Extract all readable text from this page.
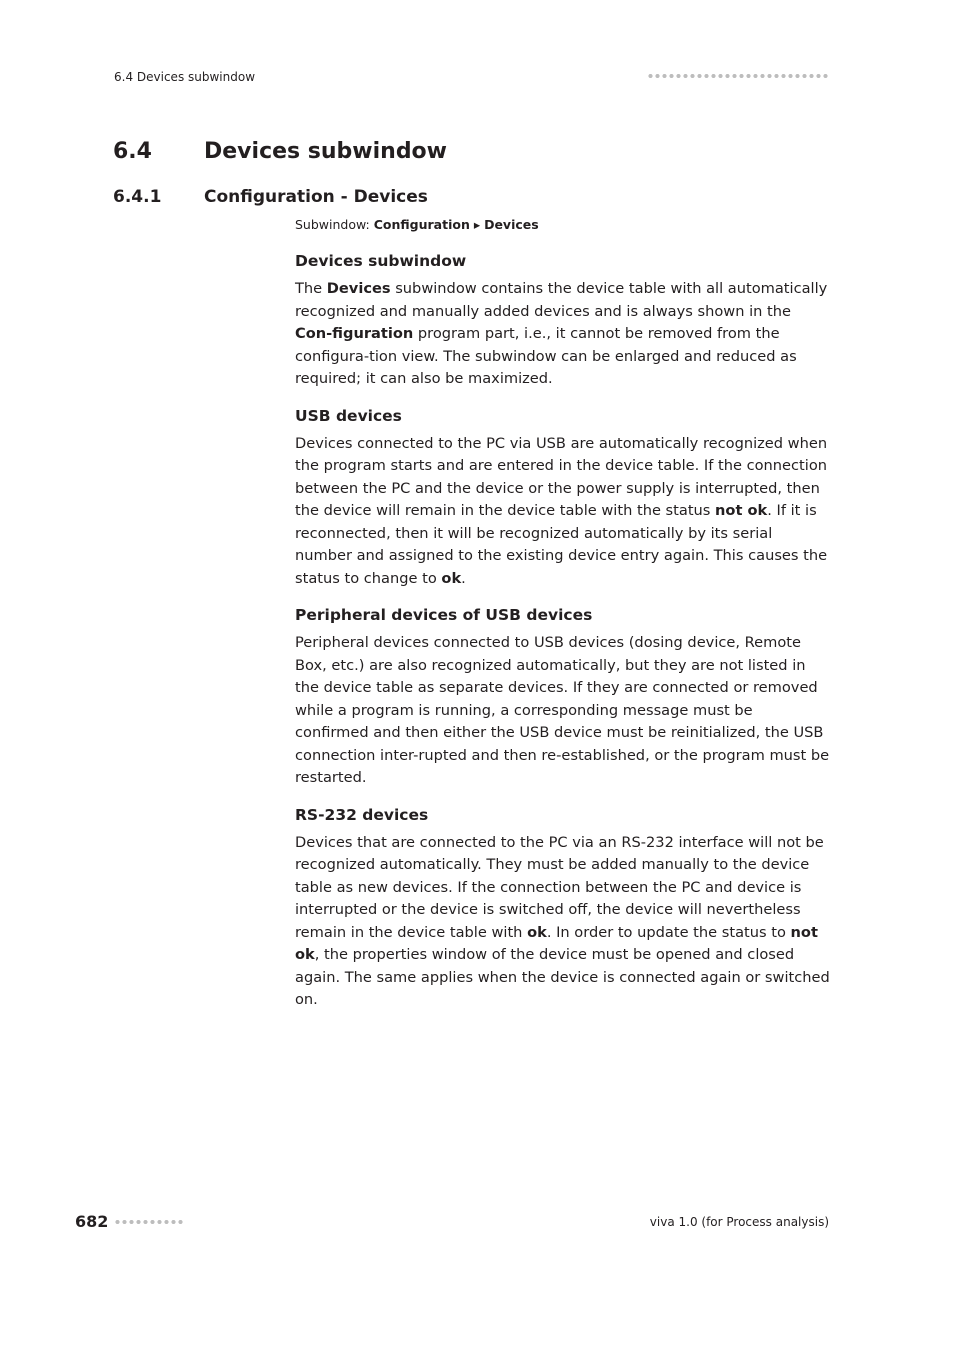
6.4 Devices subwindow
6.4 Devices subwindow
6.4.1	Configuration - Devices
Subwindow: Configuration ▸ Devices
Devices subwindow
The Devices subwindow contains the device table with all automatically recognized and manually added devices and is always shown in the Con-figuration program part, i.e., it cannot be removed from the configura-tion view. The subwindow can be enlarged and reduced as required; it can also be maximized.
USB devices
Devices connected to the PC via USB are automatically recognized when the program starts and are entered in the device table. If the connection between the PC and the device or the power supply is interrupted, then the device will remain in the device table with the status not ok. If it is reconnected, then it will be recognized automatically by its serial number and assigned to the existing device entry again. This causes the status to change to ok.
Peripheral devices of USB devices
Peripheral devices connected to USB devices (dosing device, Remote Box, etc.) are also recognized automatically, but they are not listed in the device table as separate devices. If they are connected or removed while a program is running, a corresponding message must be confirmed and then either the USB device must be reinitialized, the USB connection inter-rupted and then re-established, or the program must be restarted.
RS-232 devices
Devices that are connected to the PC via an RS-232 interface will not be recognized automatically. They must be added manually to the device table as new devices. If the connection between the PC and device is interrupted or the device is switched off, the device will nevertheless remain in the device table with ok. In order to update the status to not ok, the properties window of the device must be opened and closed again. The same applies when the device is connected again or switched on.
682	viva 1.0 (for Process analysis)
